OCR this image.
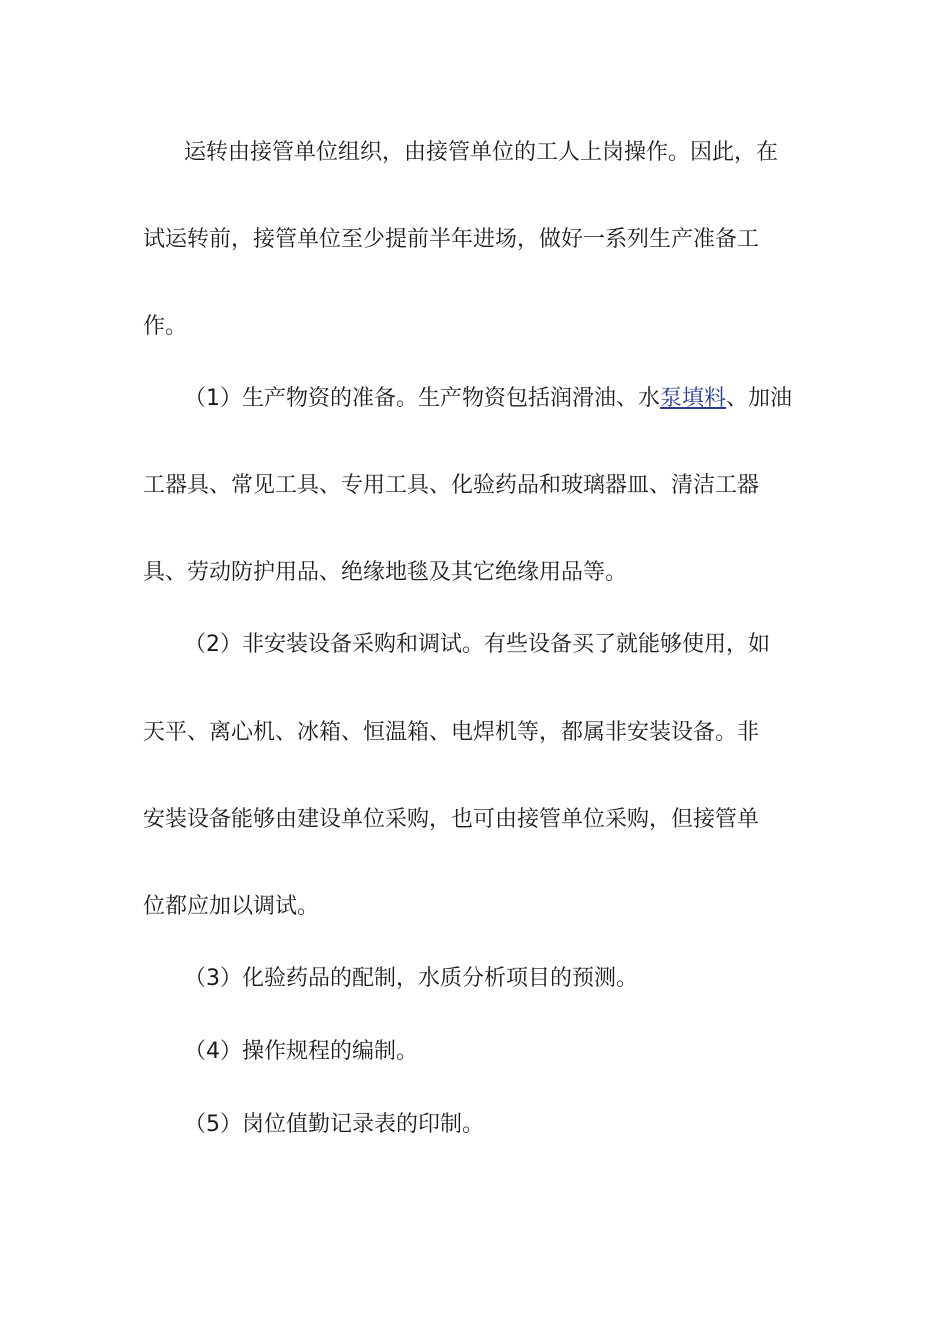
运转由接管单位组织，由接管单位的工人上岗操作。因此，在
试运转前，接管单位至少提前半年进场，做好一系列生产准备工
作。
（1）生产物资的准备。生产物资包括润滑油、水泵填料、加油
工器具、常见工具、专用工具、化验药品和玻璃器皿、清洁工器
具、劳动防护用品、绝缘地毯及其它绝缘用品等。
（2）非安装设备采购和调试。有些设备买了就能够使用，如
天平、离心机、冰箱、恒温箱、电焊机等，都属非安装设备。非
安装设备能够由建设单位采购，也可由接管单位采购，但接管单
位都应加以调试。
（3）化验药品的配制，水质分析项目的预测。
（4）操作规程的编制。
（5）岗位值勤记录表的印制。
